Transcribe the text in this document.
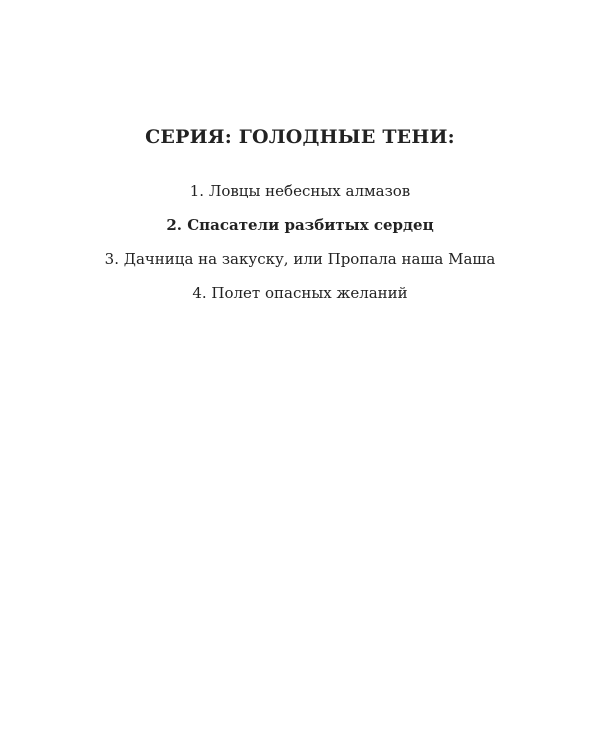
СЕРИЯ: ГОЛОДНЫЕ ТЕНИ:
1. Ловцы небесных алмазов
2. Спасатели разбитых сердец
3. Дачница на закуску, или Пропала наша Маша
4. Полет опасных желаний
